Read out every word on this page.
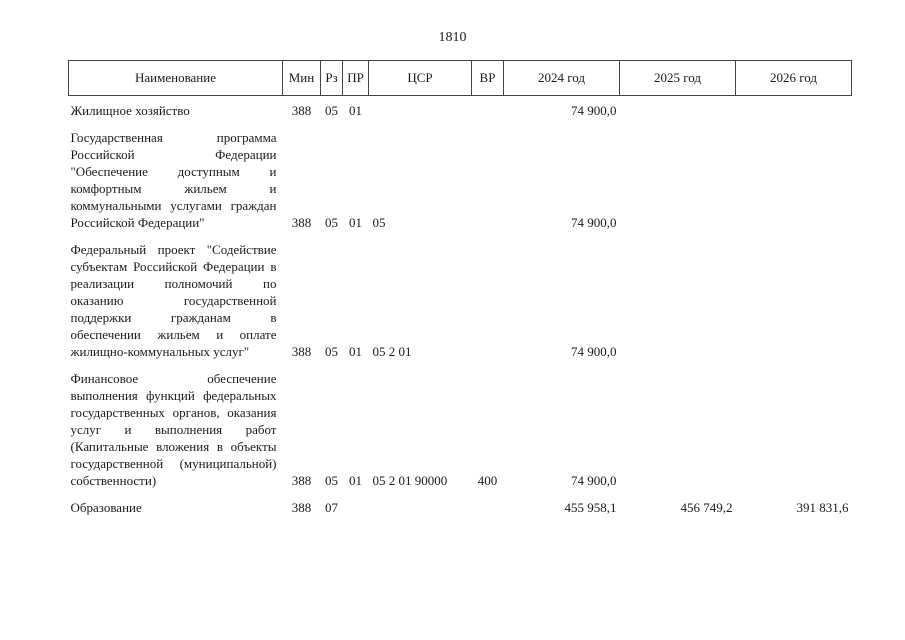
1810
Наименование	Мин	Рз	ПР	ЦСР	ВР	2024 год	2025 год	2026 год
Жилищное хозяйство	388	05	01			74 900,0		
Государственная программа Российской Федерации "Обеспечение доступным и комфортным жильем и коммунальными услугами граждан Российской Федерации"	388	05	01	05		74 900,0		
Федеральный проект "Содействие субъектам Российской Федерации в реализации полномочий по оказанию государственной поддержки гражданам в обеспечении жильем и оплате жилищно-коммунальных услуг"	388	05	01	05 2 01		74 900,0		
Финансовое обеспечение выполнения функций федеральных государственных органов, оказания услуг и выполнения работ (Капитальные вложения в объекты государственной (муниципальной) собственности)	388	05	01	05 2 01 90000	400	74 900,0		
Образование	388	07				455 958,1	456 749,2	391 831,6
